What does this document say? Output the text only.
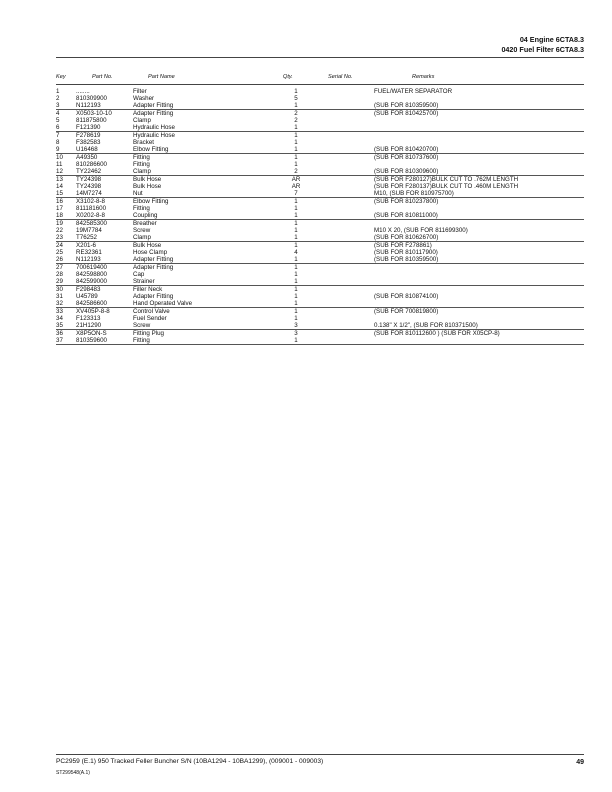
04 Engine 6CTA8.3
0420 Fuel Filter 6CTA8.3
Key	Part No.	Part Name	Qty.	Serial No.	Remarks
1	........	Filter	1	FUEL/WATER SEPARATOR
2	810309900	Washer	5
3	N112193	Adapter Fitting	1	(SUB FOR 810359500)
4	X0503-10-10	Adapter Fitting	2	(SUB FOR 810425700)
5	811875800	Clamp	2
6	F121390	Hydraulic Hose	1
7	F278619	Hydraulic Hose	1
8	F382583	Bracket	1
9	U16468	Elbow Fitting	1	(SUB FOR 810420700)
10 A49350	Fitting	1	(SUB FOR 810737600)
11 810286600	Fitting	1
12 TY22462	Clamp	2	(SUB FOR 810309600)
13 TY24398	Bulk Hose	AR	(SUB FOR F280127)BULK CUT TO .762M LENGTH
14 TY24398	Bulk Hose	AR	(SUB FOR F280137)BULK CUT TO .460M LENGTH
15 14M7274	Nut	7	M10, (SUB FOR 810975700)
16 X3102-8-8	Elbow Fitting	1	(SUB FOR 810237800)
17 811181600	Fitting	1
18 X0202-8-8	Coupling	1	(SUB FOR 810811000)
19 842585300	Breather	1
22 19M7784	Screw	1	M10 X 20, (SUB FOR 811699300)
23 T76252	Clamp	1	(SUB FOR 810626700)
24 X201-6	Bulk Hose	1	(SUB FOR F278861)
25 RE32361	Hose Clamp	4	(SUB FOR 810117900)
26 N112193	Adapter Fitting	1	(SUB FOR 810359500)
27 700619400	Adapter Fitting	1
28 842598800	Cap	1
29 842599000	Strainer	1
30 F298483	Filler Neck	1
31 U45789	Adapter Fitting	1	(SUB FOR 810874100)
32 842586600	Hand Operated Valve	1
33 XV405P-8-8	Control Valve	1	(SUB FOR 700819800)
34 F123313	Fuel Sender	1
35 21H1290	Screw	3	0.138" X 1/2", (SUB FOR 810371500)
36 X8P5ON-S	Fitting Plug	3	(SUB FOR 810112600 ) (SUB FOR X05CP-8)
37 810359600	Fitting	1
PC2959 (E.1) 950 Tracked Feller Buncher S/N (10BA1294 - 10BA1299), (009001 - 009003)	49
ST299548(A.1)
